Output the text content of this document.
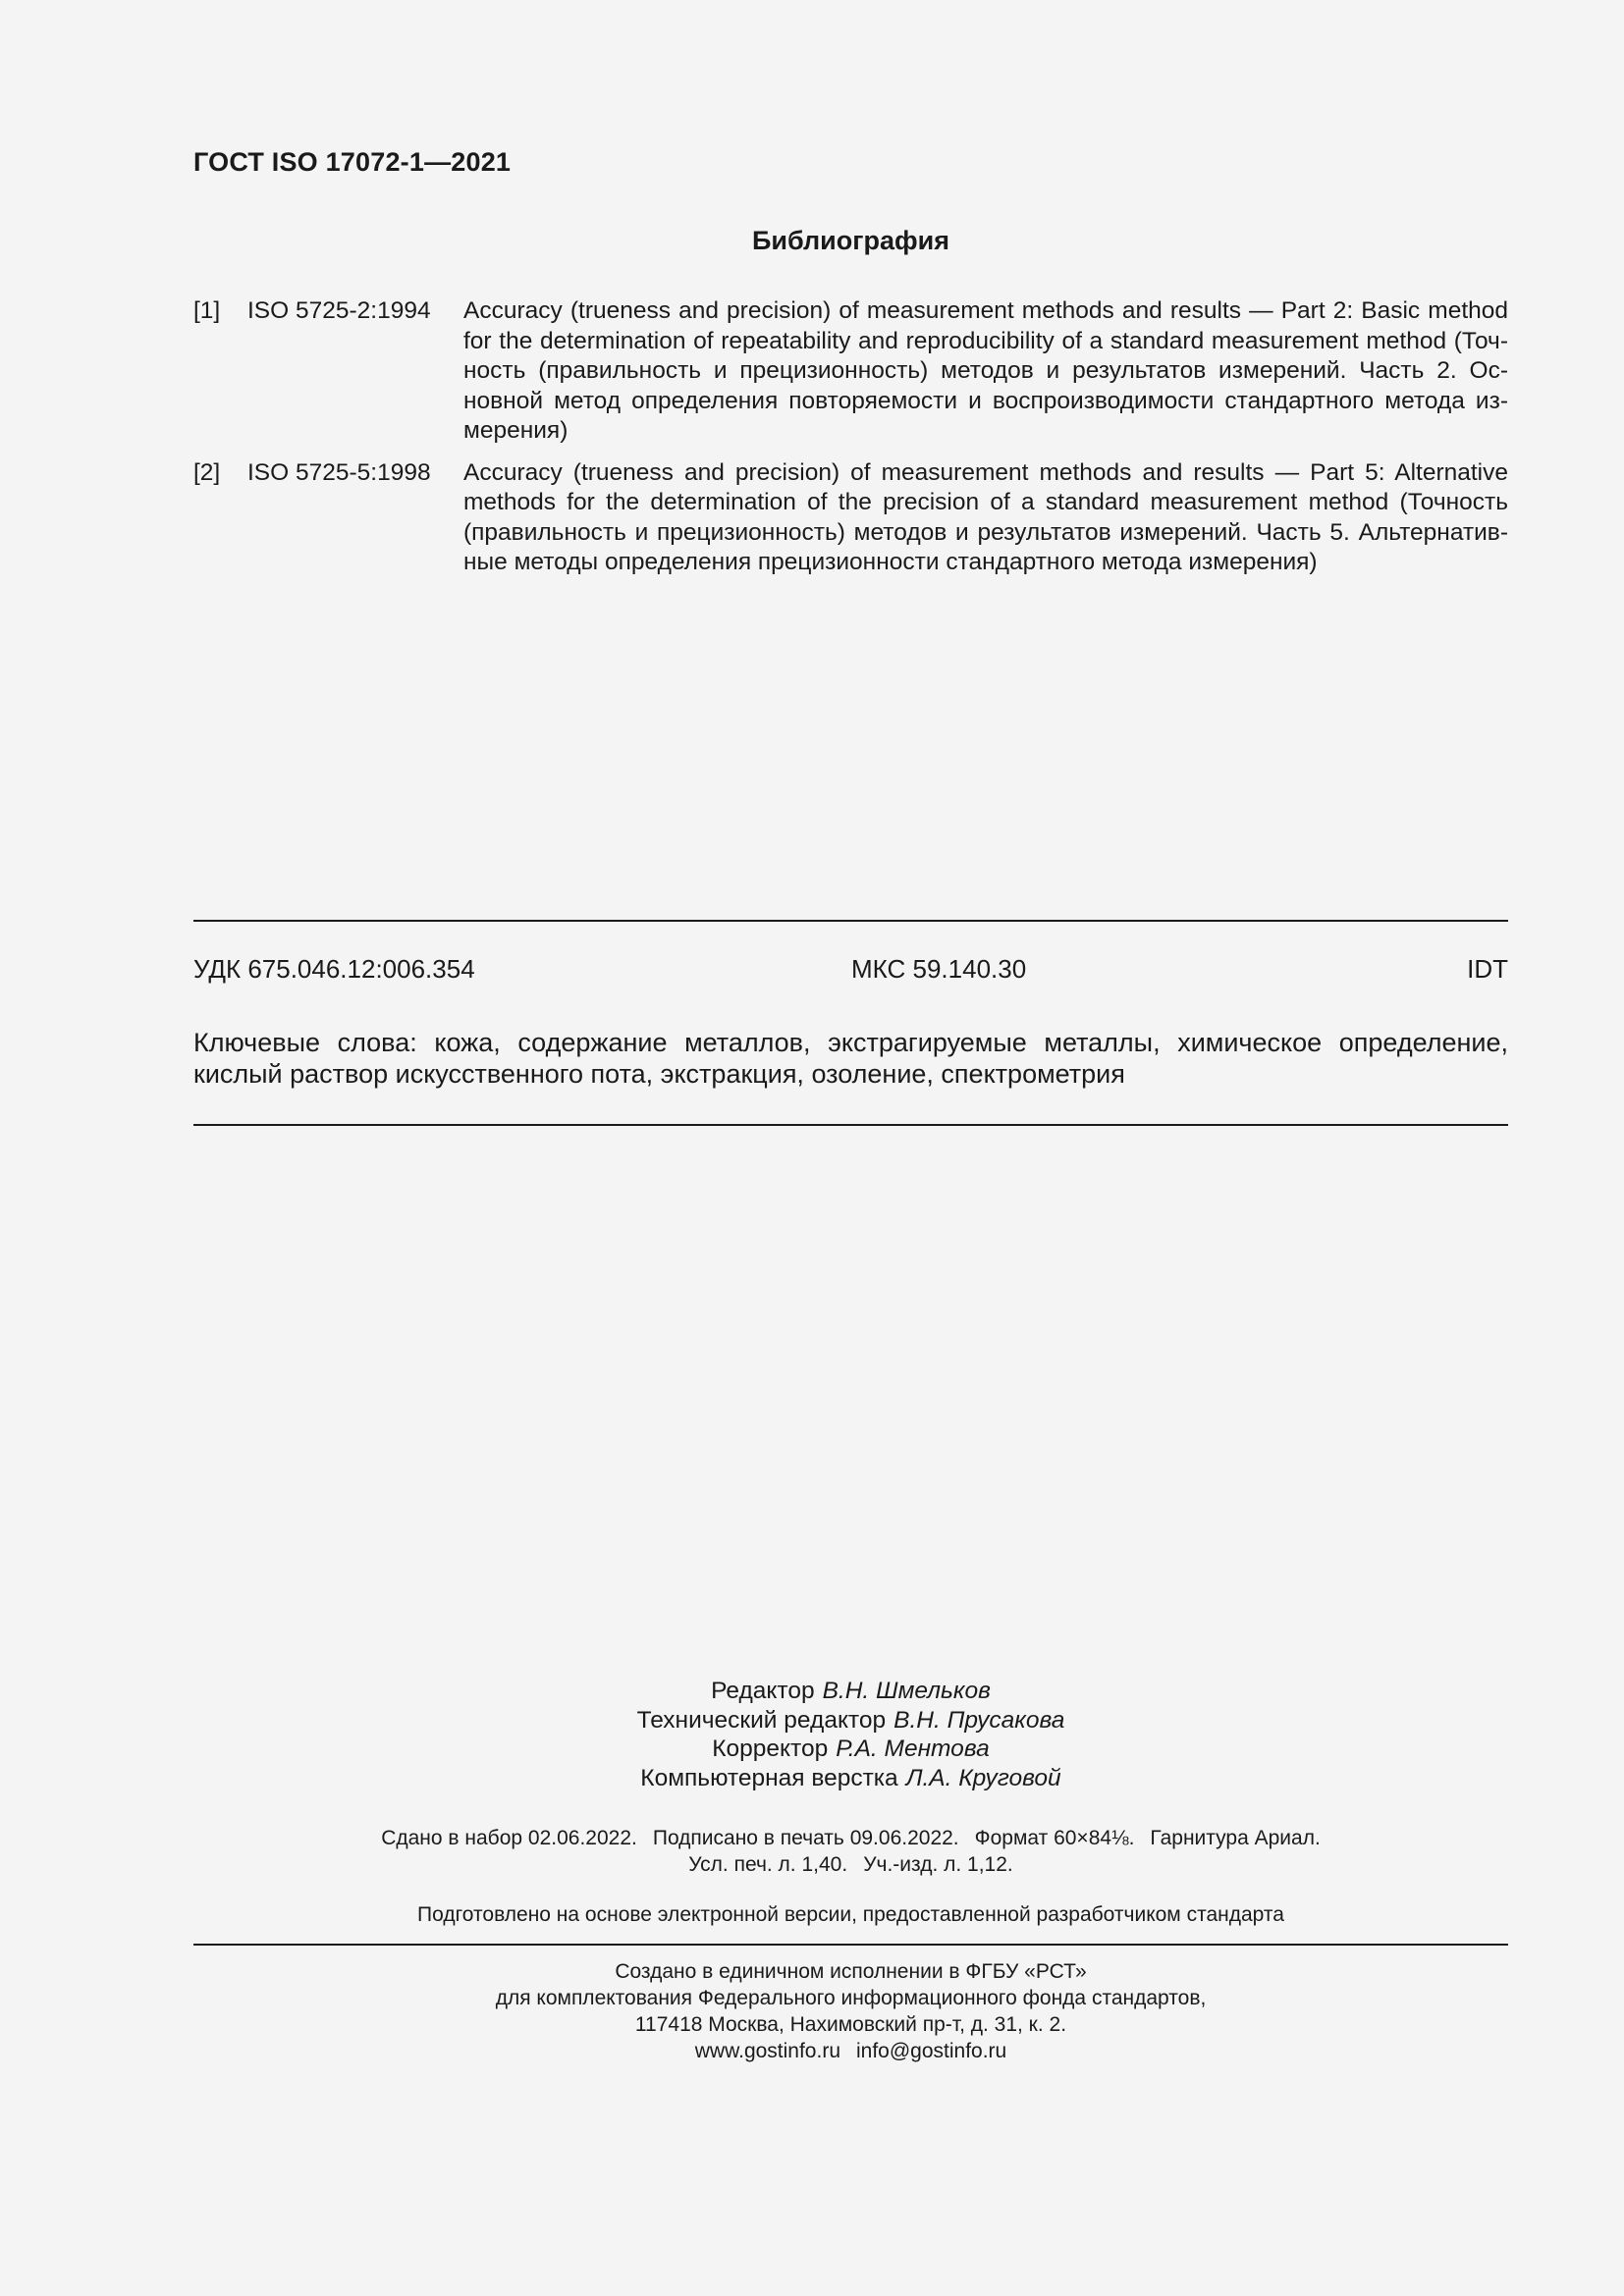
ГОСТ ISO 17072-1—2021
Библиография
[1]	ISO 5725-2:1994	Accuracy (trueness and precision) of measurement methods and results — Part 2: Basic method for the determination of repeatability and reproducibility of a standard measurement method (Точность (правильность и прецизионность) методов и результатов измерений. Часть 2. Основной метод определения повторяемости и воспроизводимости стандартного метода измерения)
[2]	ISO 5725-5:1998	Accuracy (trueness and precision) of measurement methods and results — Part 5: Alternative methods for the determination of the precision of a standard measurement method (Точность (правильность и прецизионность) методов и результатов измерений. Часть 5. Альтернативные методы определения прецизионности стандартного метода измерения)
УДК 675.046.12:006.354	МКС 59.140.30	IDT
Ключевые слова: кожа, содержание металлов, экстрагируемые металлы, химическое определение, кислый раствор искусственного пота, экстракция, озоление, спектрометрия
Редактор В.Н. Шмельков
Технический редактор В.Н. Прусакова
Корректор Р.А. Ментова
Компьютерная верстка Л.А. Круговой
Сдано в набор 02.06.2022. Подписано в печать 09.06.2022. Формат 60×84⅛. Гарнитура Ариал.
Усл. печ. л. 1,40. Уч.-изд. л. 1,12.
Подготовлено на основе электронной версии, предоставленной разработчиком стандарта
Создано в единичном исполнении в ФГБУ «РСТ»
для комплектования Федерального информационного фонда стандартов,
117418 Москва, Нахимовский пр-т, д. 31, к. 2.
www.gostinfo.ru info@gostinfo.ru
